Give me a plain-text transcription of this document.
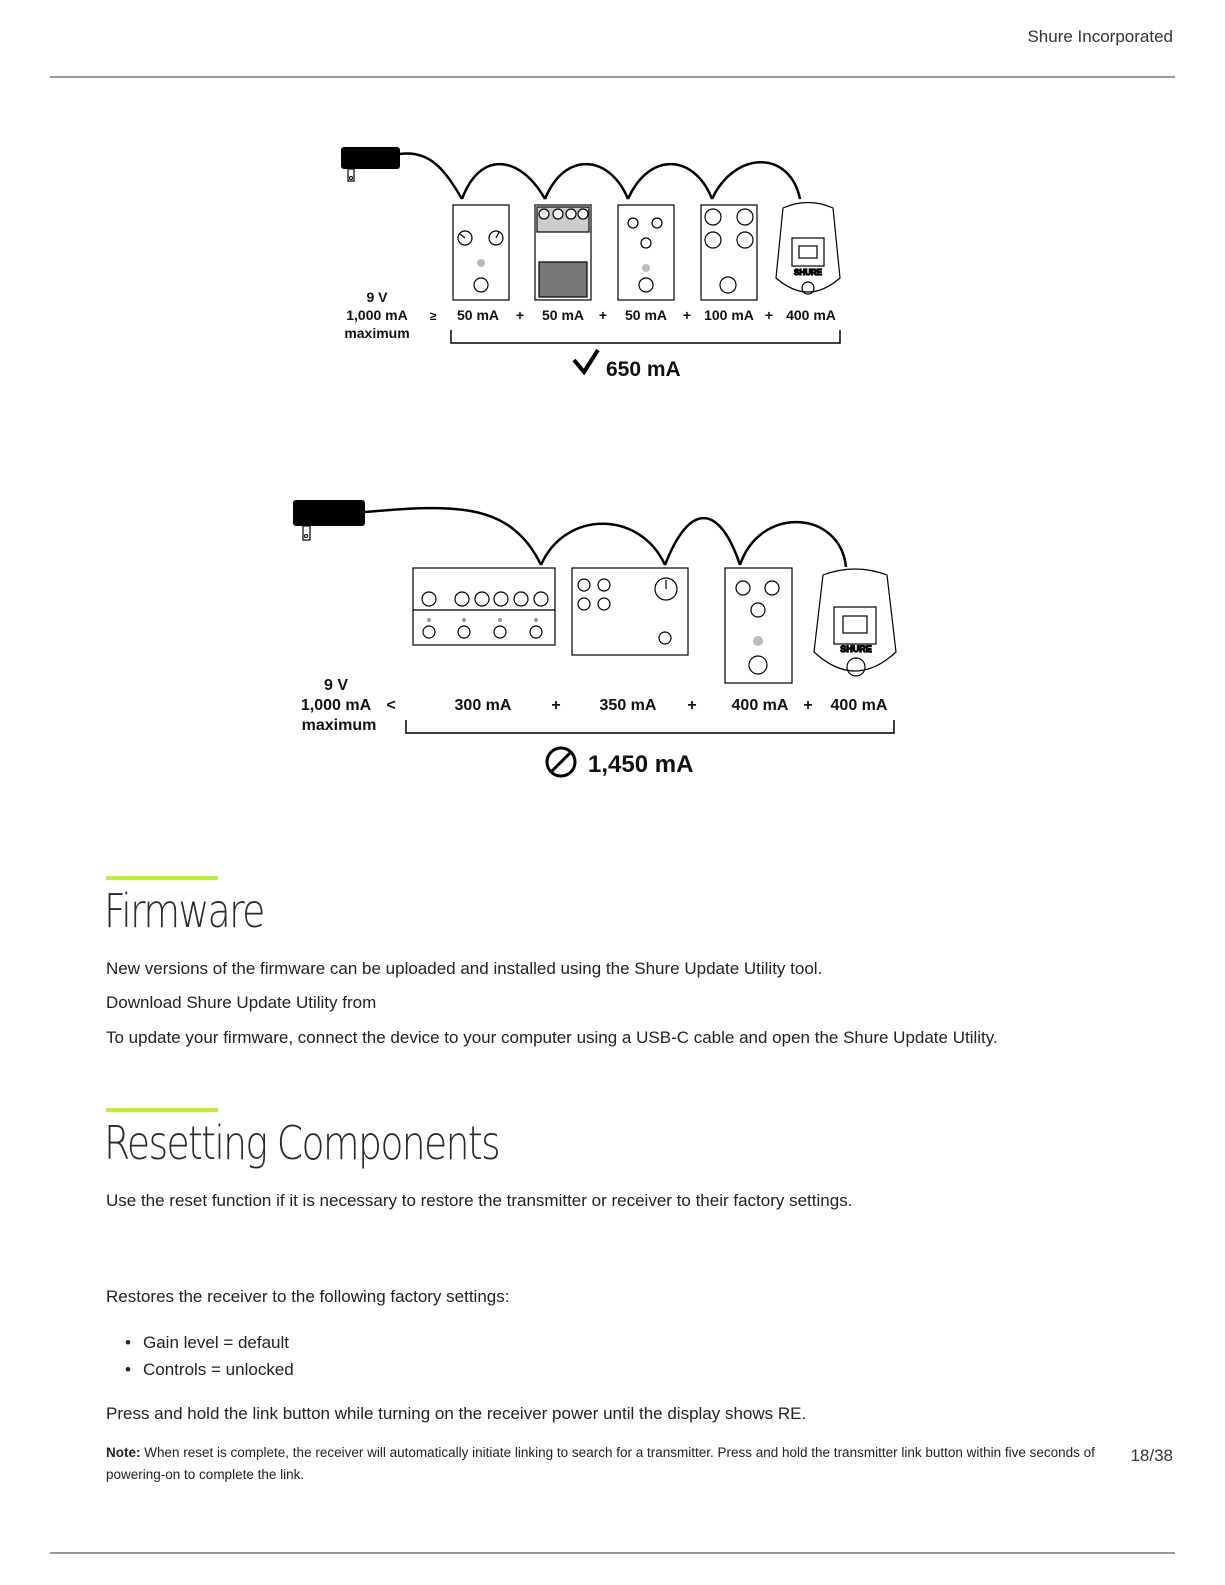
Shure Incorporated
SHURE
9 V
1,000 mA
maximum
≥ 50 mA + 50 mA + 50 mA + 100 mA + 400 mA
650 mA
SHURE
9 V
1,000 mA
maximum
<	300 mA + 350 mA + 400 mA + 400 mA
1,450 mA
Firmware
New versions of the firmware can be uploaded and installed using the Shure Update Utility tool.
Download Shure Update Utility from
To update your firmware, connect the device to your computer using a USB-C cable and open the Shure Update Utility.
Resetting Components
Use the reset function if it is necessary to restore the transmitter or receiver to their factory settings.
Restores the receiver to the following factory settings:
• Gain level = default
• Controls = unlocked
Press and hold the link button while turning on the receiver power until the display shows RE.
Note: When reset is complete, the receiver will automatically initiate linking to search for a transmitter. Press and hold the transmitter link button within five seconds of powering-on to complete the link.
18/38
